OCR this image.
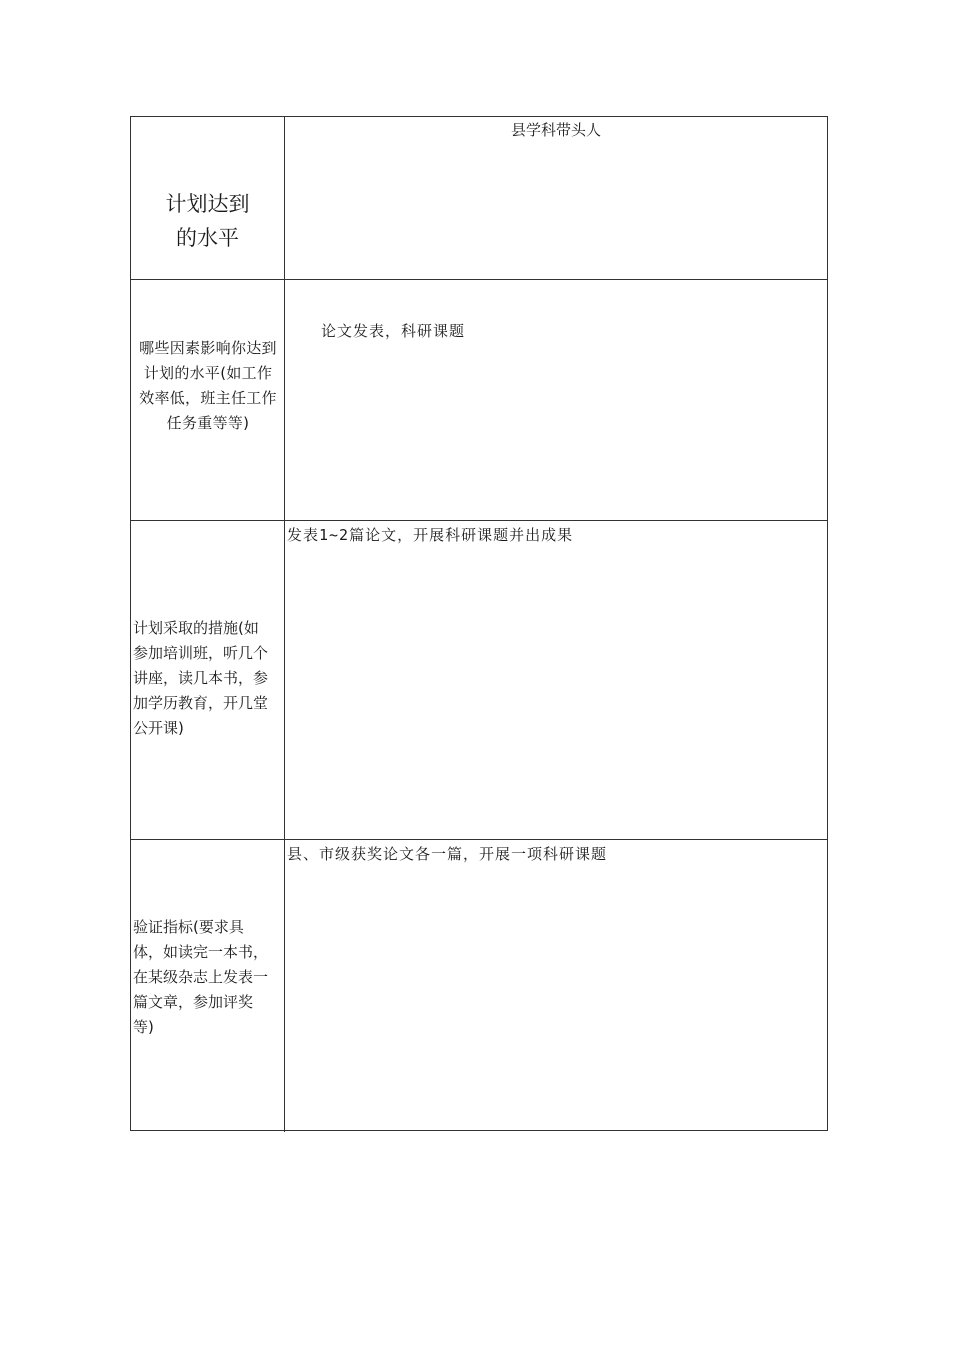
计划达到
的水平
县学科带头人
哪些因素影响你达到
计划的水平(如工作
效率低，班主任工作
任务重等等)
论文发表，科研课题
计划采取的措施(如
参加培训班，听几个
讲座，读几本书，参
加学历教育，开几堂
公开课)
发表1~2篇论文，开展科研课题并出成果
验证指标(要求具
体，如读完一本书，
在某级杂志上发表一
篇文章，参加评奖
等)
县、市级获奖论文各一篇，开展一项科研课题
